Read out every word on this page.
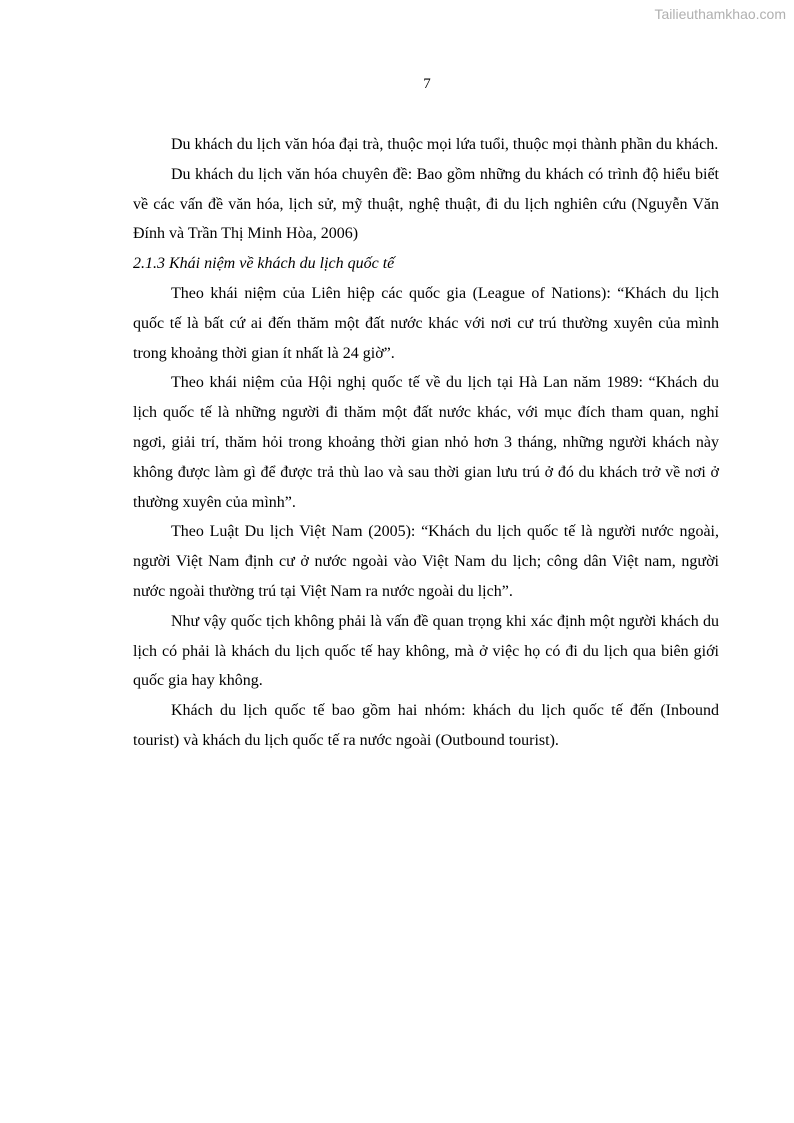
Tailieuthamkhao.com
7

Du khách du lịch văn hóa đại trà, thuộc mọi lứa tuổi, thuộc mọi thành phần du khách.

Du khách du lịch văn hóa chuyên đề: Bao gồm những du khách có trình độ hiểu biết về các vấn đề văn hóa, lịch sử, mỹ thuật, nghệ thuật, đi du lịch nghiên cứu (Nguyễn Văn Đính và Trần Thị Minh Hòa, 2006)

2.1.3 Khái niệm về khách du lịch quốc tế

Theo khái niệm của Liên hiệp các quốc gia (League of Nations): “Khách du lịch quốc tế là bất cứ ai đến thăm một đất nước khác với nơi cư trú thường xuyên của mình trong khoảng thời gian ít nhất là 24 giờ”.

Theo khái niệm của Hội nghị quốc tế về du lịch tại Hà Lan năm 1989: “Khách du lịch quốc tế là những người đi thăm một đất nước khác, với mục đích tham quan, nghỉ ngơi, giải trí, thăm hỏi trong khoảng thời gian nhỏ hơn 3 tháng, những người khách này không được làm gì để được trả thù lao và sau thời gian lưu trú ở đó du khách trở về nơi ở thường xuyên của mình”.

Theo Luật Du lịch Việt Nam (2005): “Khách du lịch quốc tế là người nước ngoài, người Việt Nam định cư ở nước ngoài vào Việt Nam du lịch; công dân Việt nam, người nước ngoài thường trú tại Việt Nam ra nước ngoài du lịch”.

Như vậy quốc tịch không phải là vấn đề quan trọng khi xác định một người khách du lịch có phải là khách du lịch quốc tế hay không, mà ở việc họ có đi du lịch qua biên giới quốc gia hay không.

Khách du lịch quốc tế bao gồm hai nhóm: khách du lịch quốc tế đến (Inbound tourist) và khách du lịch quốc tế ra nước ngoài (Outbound tourist).
